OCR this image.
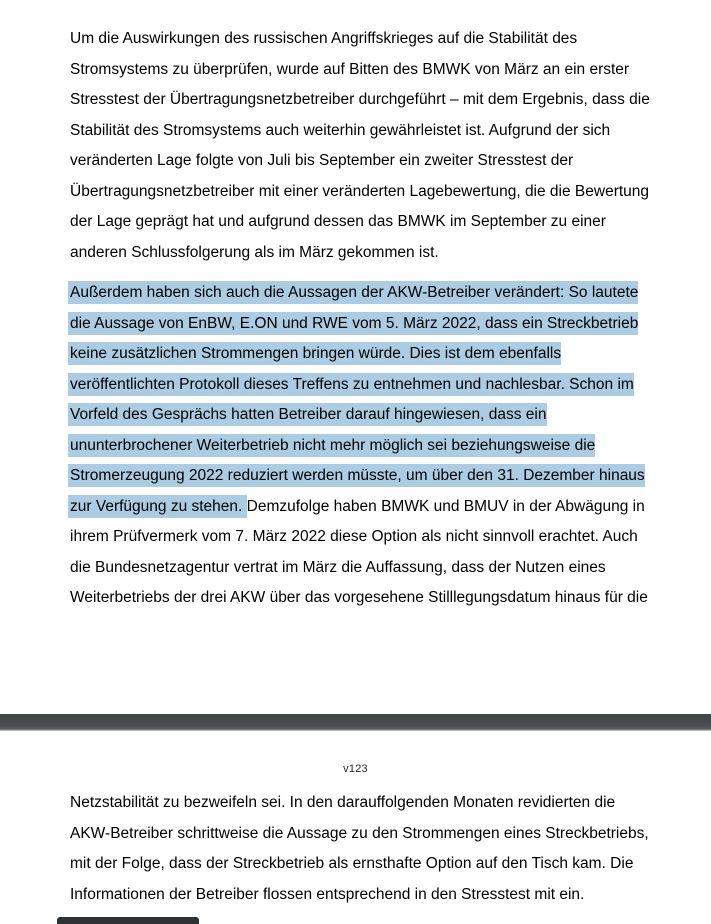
Um die Auswirkungen des russischen Angriffskrieges auf die Stabilität des
Stromsystems zu überprüfen, wurde auf Bitten des BMWK von März an ein erster
Stresstest der Übertragungsnetzbetreiber durchgeführt – mit dem Ergebnis, dass die
Stabilität des Stromsystems auch weiterhin gewährleistet ist. Aufgrund der sich
veränderten Lage folgte von Juli bis September ein zweiter Stresstest der
Übertragungsnetzbetreiber mit einer veränderten Lagebewertung, die die Bewertung
der Lage geprägt hat und aufgrund dessen das BMWK im September zu einer
anderen Schlussfolgerung als im März gekommen ist.
Außerdem haben sich auch die Aussagen der AKW-Betreiber verändert: So lautete
die Aussage von EnBW, E.ON und RWE vom 5. März 2022, dass ein Streckbetrieb
keine zusätzlichen Strommengen bringen würde. Dies ist dem ebenfalls
veröffentlichten Protokoll dieses Treffens zu entnehmen und nachlesbar. Schon im
Vorfeld des Gesprächs hatten Betreiber darauf hingewiesen, dass ein
ununterbrochener Weiterbetrieb nicht mehr möglich sei beziehungsweise die
Stromerzeugung 2022 reduziert werden müsste, um über den 31. Dezember hinaus
zur Verfügung zu stehen. Demzufolge haben BMWK und BMUV in der Abwägung in
ihrem Prüfvermerk vom 7. März 2022 diese Option als nicht sinnvoll erachtet. Auch
die Bundesnetzagentur vertrat im März die Auffassung, dass der Nutzen eines
Weiterbetriebs der drei AKW über das vorgesehene Stilllegungsdatum hinaus für die
v123
Netzstabilität zu bezweifeln sei. In den darauffolgenden Monaten revidierten die
AKW-Betreiber schrittweise die Aussage zu den Strommengen eines Streckbetriebs,
mit der Folge, dass der Streckbetrieb als ernsthafte Option auf den Tisch kam. Die
Informationen der Betreiber flossen entsprechend in den Stresstest mit ein.
